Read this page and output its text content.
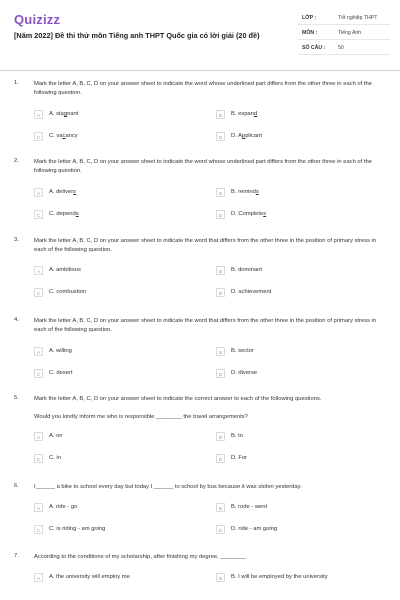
Quizizz
[Năm 2022] Đề thi thử môn Tiếng anh THPT Quốc gia có lời giải (20 đề)
LỚP :	Tốt nghiệp THPT
MÔN :	Tiếng Anh
SỐ CÂU : 50
1.	Mark the letter A, B, C, D on your answer sheet to indicate the word whose underlined part differs from the other three in each of the following question.
A	A. stagnant	B	B. expand
C	C. vacancy	D	D. Applicant
2.	Mark the letter A, B, C, D on your answer sheet to indicate the word whose underlined part differs from the other three in each of the following question.
A	A. delivers	B	B. reminds
C	C. depends	D	D. Completes
3.	Mark the letter A, B, C, D on your answer sheet to indicate the word that differs from the other three in the position of primary stress in each of the following question.
A	A. ambitious	B	B. dominant
C	C. combustion	D	D. achievement
4.	Mark the letter A, B, C, D on your answer sheet to indicate the word that differs from the other three in the position of primary stress in each of the following question.
A	A. willing	B	B. sector
C	C. desert	D	D. diverse
5.	Mark the letter A, B, C, D on your answer sheet to indicate the correct answer to each of the following questions.
Would you kindly inform me who is responsible ________ the travel arrangements?
A	A. on	B	B. to
C	C. in	D	D. For
6.	I______ a bike to school every day but today I ______ to school by bus because it was stolen yesterday.
A	A. ride - go	B	B. rode - went
C	C. is riding - am going	D	D. ride - am going
7.	According to the conditions of my scholarship, after finishing my degree, ________
A	A. the university will employ me	B	B. I will be employed by the university
